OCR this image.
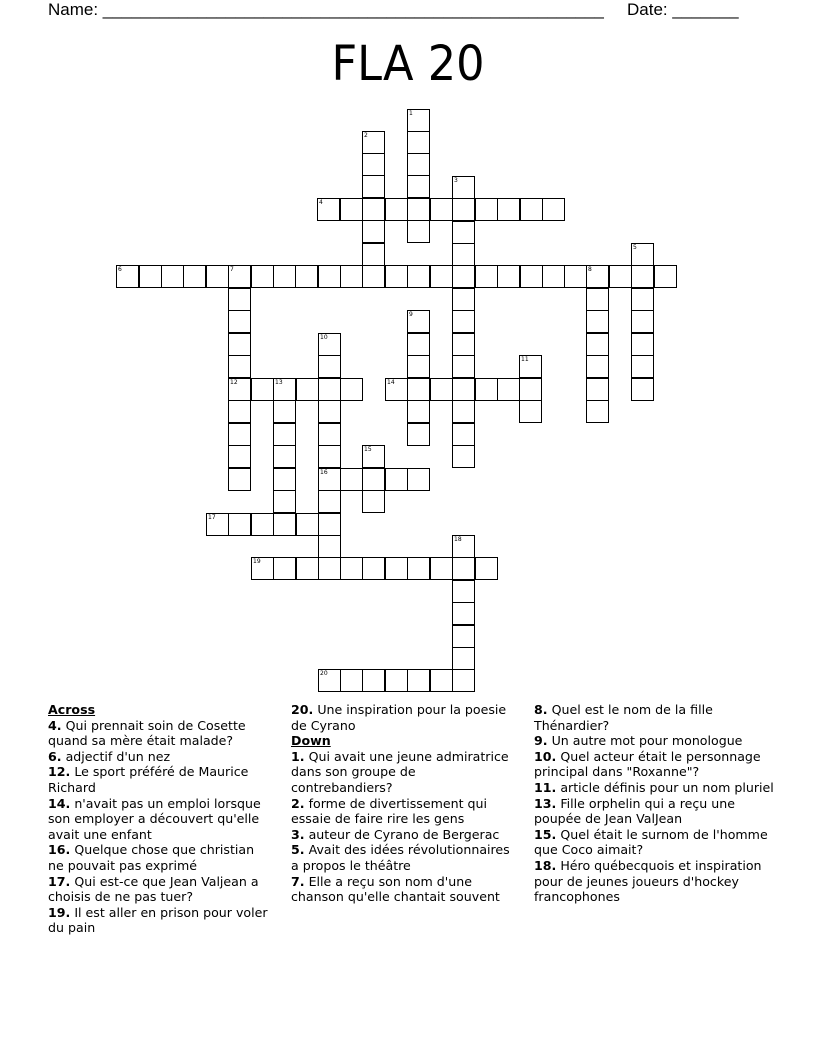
Name: _____________________________________________________ Date: _______
FLA 20
1
2
3
4
5
6	7	8
12
9
10
16
11
13	14
15
17
18
19
20

Across

4. Qui prennait soin de Cosette quand sa mère était malade?

6. adjectif d'un nez

12. Le sport préféré de Maurice Richard

14. n'avait pas un emploi lorsque son employer a découvert qu'elle avait une enfant

16. Quelque chose que christian ne pouvait pas exprimé

17. Qui est-ce que Jean Valjean a choisis de ne pas tuer?

19. Il est aller en prison pour voler du pain

20. Une inspiration pour la poesie de Cyrano

Down

1. Qui avait une jeune admiratrice dans son groupe de contrebandiers?

2. forme de divertissement qui essaie de faire rire les gens

3. auteur de Cyrano de Bergerac

5. Avait des idées révolutionnaires a propos le théâtre

7. Elle a reçu son nom d'une chanson qu'elle chantait souvent

8. Quel est le nom de la fille Thénardier?

9. Un autre mot pour monologue

10. Quel acteur était le personnage principal dans "Roxanne"?

11. article définis pour un nom pluriel

13. Fille orphelin qui a reçu une poupée de Jean ValJean

15. Quel était le surnom de l'homme que Coco aimait?

18. Héro québecquois et inspiration pour de jeunes joueurs d'hockey francophones
